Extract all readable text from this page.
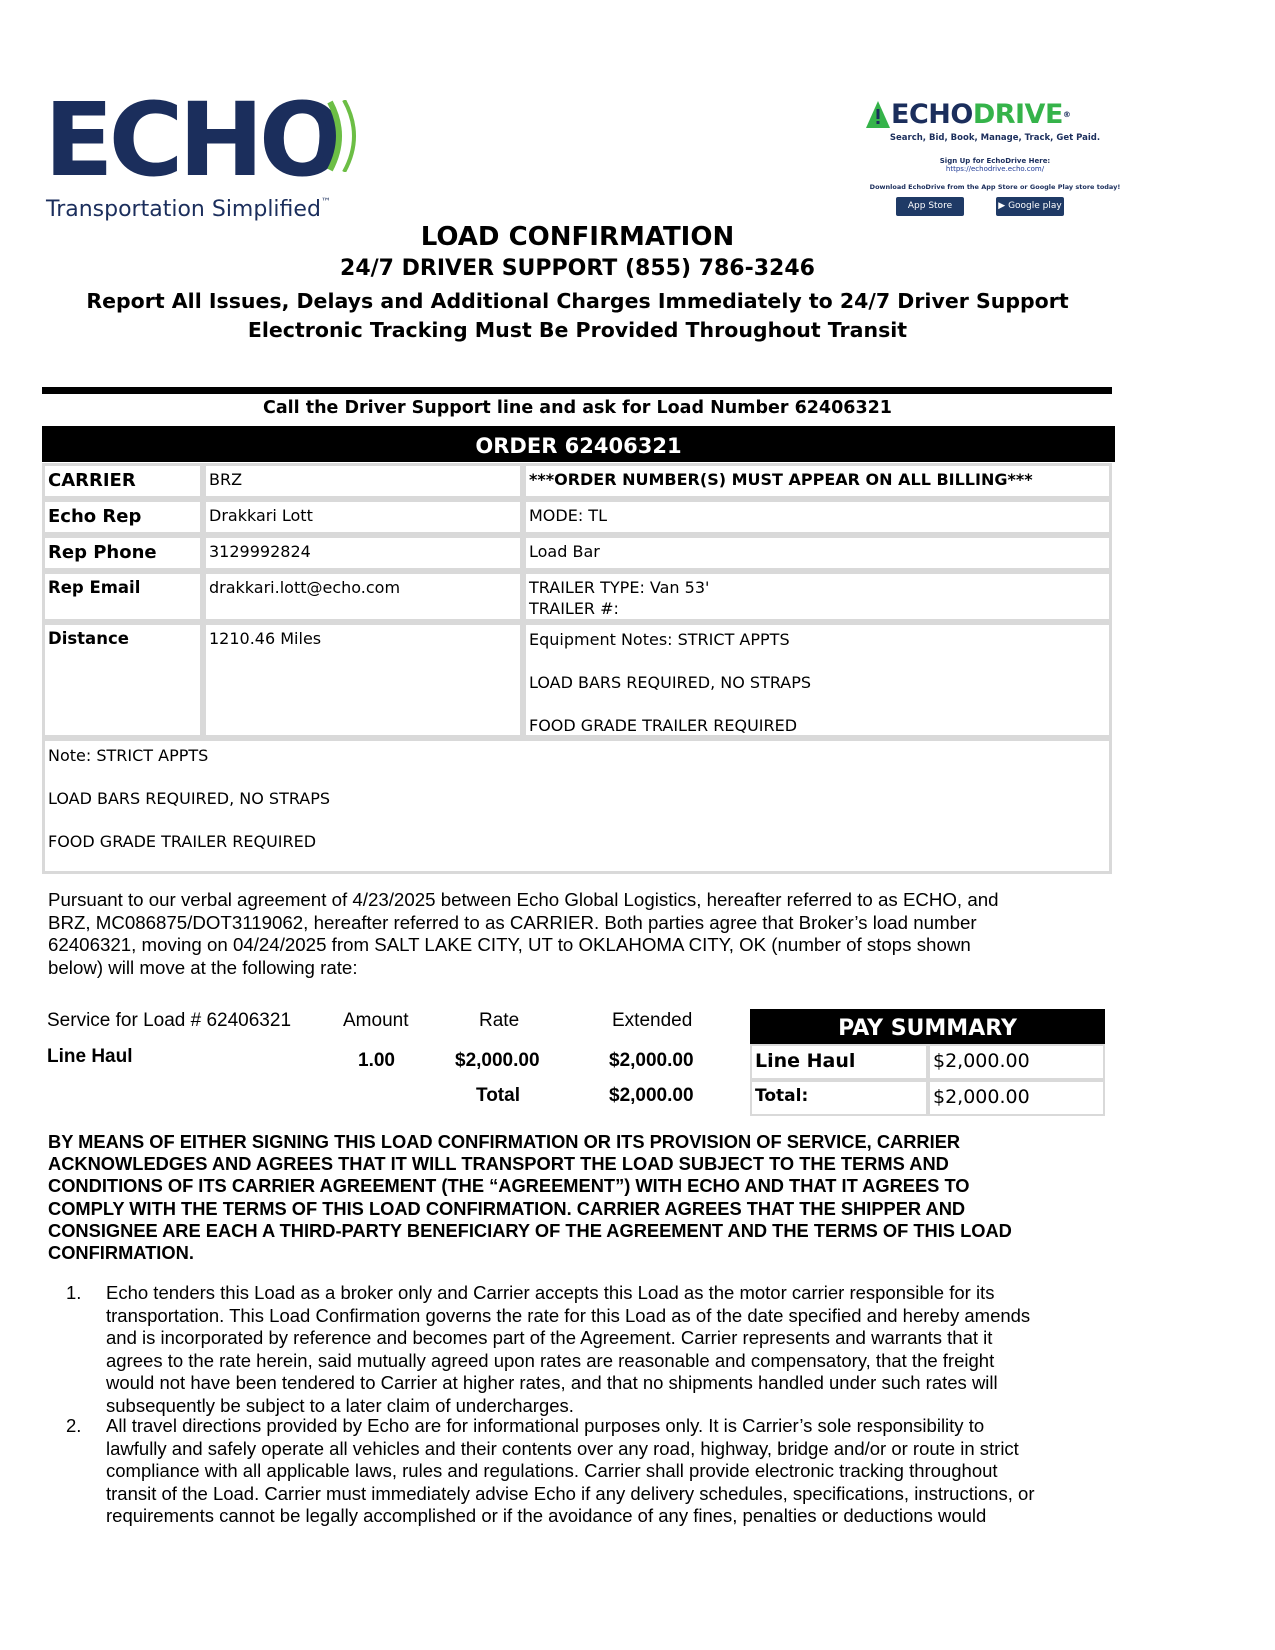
ECHO
Transportation Simplified™
ECHODRIVE®
Search, Bid, Book, Manage, Track, Get Paid.
Sign Up for EchoDrive Here:
https://echodrive.echo.com/
Download EchoDrive from the App Store or Google Play store today!
App Store	▶ Google play
LOAD CONFIRMATION
24/7 DRIVER SUPPORT (855) 786-3246
Report All Issues, Delays and Additional Charges Immediately to 24/7 Driver Support
Electronic Tracking Must Be Provided Throughout Transit
Call the Driver Support line and ask for Load Number 62406321
ORDER 62406321
CARRIER	BRZ	***ORDER NUMBER(S) MUST APPEAR ON ALL BILLING***
Echo Rep	Drakkari Lott	MODE: TL
Rep Phone	3129992824	Load Bar
Rep Email	drakkari.lott@echo.com	TRAILER TYPE: Van 53'
TRAILER #:
Distance	1210.46 Miles	Equipment Notes: STRICT APPTS
LOAD BARS REQUIRED, NO STRAPS
FOOD GRADE TRAILER REQUIRED
Note: STRICT APPTS
LOAD BARS REQUIRED, NO STRAPS
FOOD GRADE TRAILER REQUIRED
Pursuant to our verbal agreement of 4/23/2025 between Echo Global Logistics, hereafter referred to as ECHO, and
BRZ, MC086875/DOT3119062, hereafter referred to as CARRIER. Both parties agree that Broker’s load number
62406321, moving on 04/24/2025 from SALT LAKE CITY, UT to OKLAHOMA CITY, OK (number of stops shown
below) will move at the following rate:
Service for Load # 62406321	Amount	Rate	Extended
Line Haul	1.00	$2,000.00	$2,000.00
Total	$2,000.00
PAY SUMMARY
Line Haul	$2,000.00
Total:	$2,000.00
BY MEANS OF EITHER SIGNING THIS LOAD CONFIRMATION OR ITS PROVISION OF SERVICE, CARRIER
ACKNOWLEDGES AND AGREES THAT IT WILL TRANSPORT THE LOAD SUBJECT TO THE TERMS AND
CONDITIONS OF ITS CARRIER AGREEMENT (THE “AGREEMENT”) WITH ECHO AND THAT IT AGREES TO
COMPLY WITH THE TERMS OF THIS LOAD CONFIRMATION. CARRIER AGREES THAT THE SHIPPER AND
CONSIGNEE ARE EACH A THIRD-PARTY BENEFICIARY OF THE AGREEMENT AND THE TERMS OF THIS LOAD
CONFIRMATION.
1. Echo tenders this Load as a broker only and Carrier accepts this Load as the motor carrier responsible for its
transportation. This Load Confirmation governs the rate for this Load as of the date specified and hereby amends
and is incorporated by reference and becomes part of the Agreement. Carrier represents and warrants that it
agrees to the rate herein, said mutually agreed upon rates are reasonable and compensatory, that the freight
would not have been tendered to Carrier at higher rates, and that no shipments handled under such rates will
subsequently be subject to a later claim of undercharges.
2. All travel directions provided by Echo are for informational purposes only. It is Carrier’s sole responsibility to
lawfully and safely operate all vehicles and their contents over any road, highway, bridge and/or or route in strict
compliance with all applicable laws, rules and regulations. Carrier shall provide electronic tracking throughout
transit of the Load. Carrier must immediately advise Echo if any delivery schedules, specifications, instructions, or
requirements cannot be legally accomplished or if the avoidance of any fines, penalties or deductions would
